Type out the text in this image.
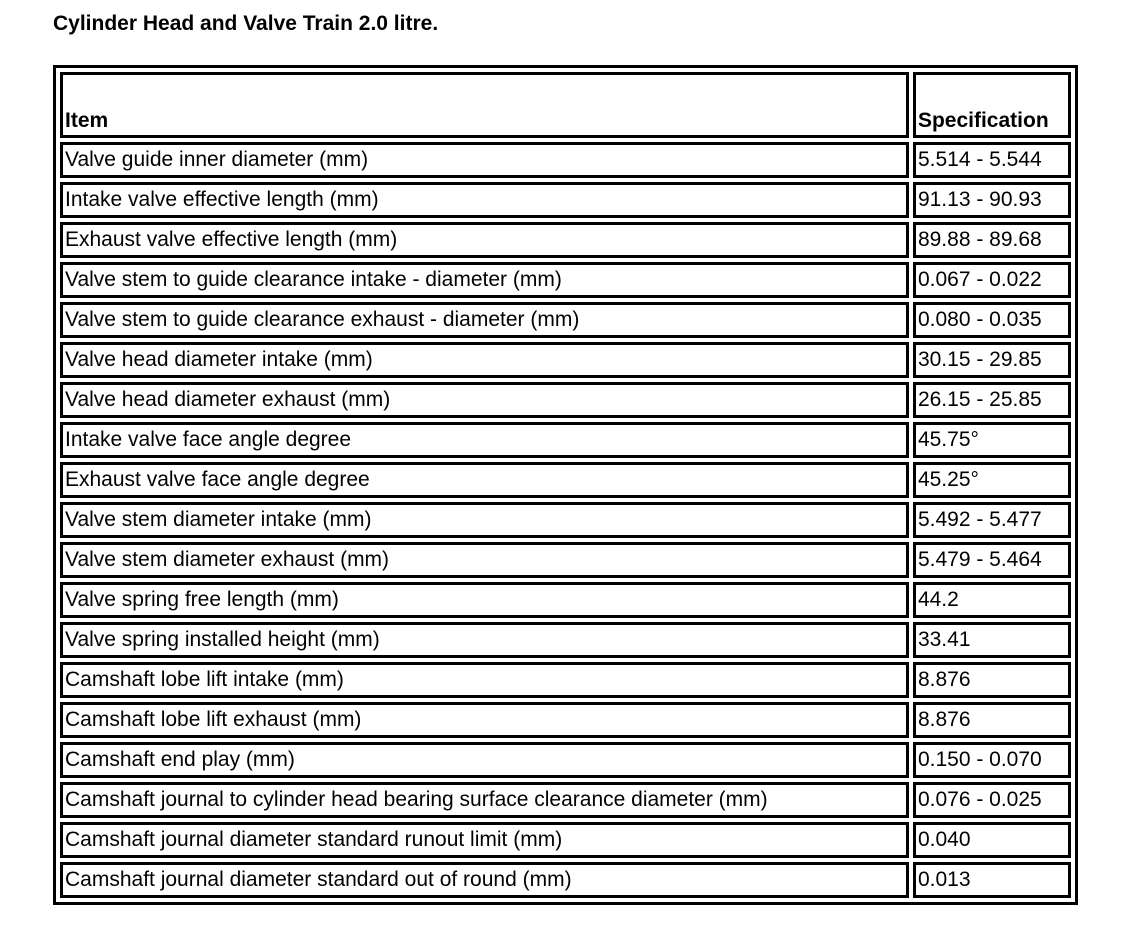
Cylinder Head and Valve Train 2.0 litre.
Item	Specification
Valve guide inner diameter (mm)	5.514 - 5.544
Intake valve effective length (mm)	91.13 - 90.93
Exhaust valve effective length (mm)	89.88 - 89.68
Valve stem to guide clearance intake - diameter (mm)	0.067 - 0.022
Valve stem to guide clearance exhaust - diameter (mm)	0.080 - 0.035
Valve head diameter intake (mm)	30.15 - 29.85
Valve head diameter exhaust (mm)	26.15 - 25.85
Intake valve face angle degree	45.75°
Exhaust valve face angle degree	45.25°
Valve stem diameter intake (mm)	5.492 - 5.477
Valve stem diameter exhaust (mm)	5.479 - 5.464
Valve spring free length (mm)	44.2
Valve spring installed height (mm)	33.41
Camshaft lobe lift intake (mm)	8.876
Camshaft lobe lift exhaust (mm)	8.876
Camshaft end play (mm)	0.150 - 0.070
Camshaft journal to cylinder head bearing surface clearance diameter (mm)	0.076 - 0.025
Camshaft journal diameter standard runout limit (mm)	0.040
Camshaft journal diameter standard out of round (mm)	0.013
